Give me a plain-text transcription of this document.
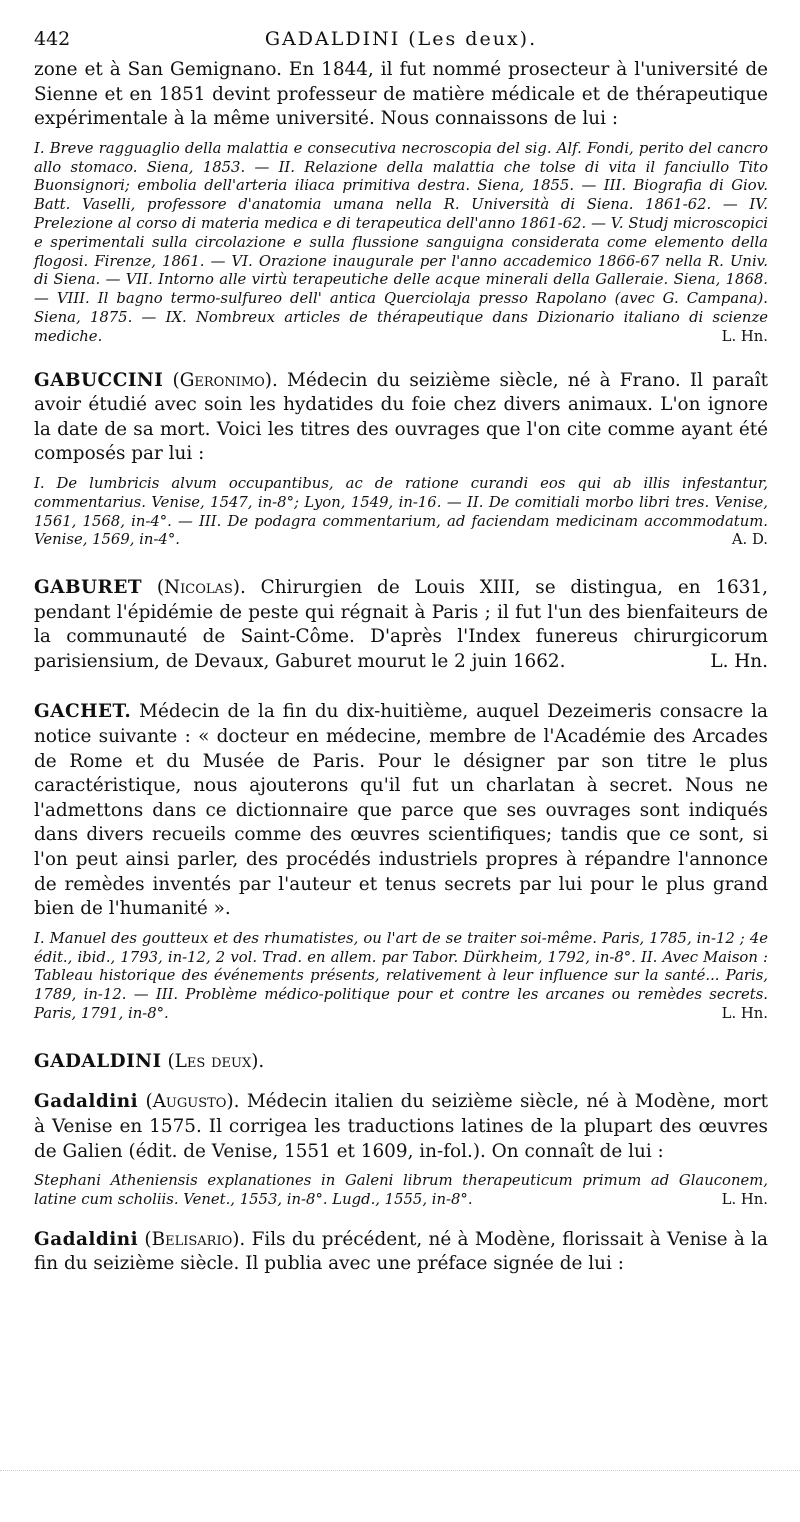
442	GADALDINI (Les deux).

zone et à San Gemignano. En 1844, il fut nommé prosecteur à l'université de Sienne et en 1851 devint professeur de matière médicale et de thérapeutique expérimentale à la même université. Nous connaissons de lui :

I. Breve ragguaglio della malattia e consecutiva necroscopia del sig. Alf. Fondi, perito del cancro allo stomaco. Siena, 1853. — II. Relazione della malattia che tolse di vita il fanciullo Tito Buonsignori; embolia dell'arteria iliaca primitiva destra. Siena, 1855. — III. Biografia di Giov. Batt. Vaselli, professore d'anatomia umana nella R. Università di Siena. 1861-62. — IV. Prelezione al corso di materia medica e di terapeutica dell'anno 1861-62. — V. Studj microscopici e sperimentali sulla circolazione e sulla flussione sanguigna considerata come elemento della flogosi. Firenze, 1861. — VI. Orazione inaugurale per l'anno accademico 1866-67 nella R. Univ. di Siena. — VII. Intorno alle virtù terapeutiche delle acque minerali della Galleraie. Siena, 1868. — VIII. Il bagno termo-sulfureo dell' antica Querciolaja presso Rapolano (avec G. Campana). Siena, 1875. — IX. Nombreux articles de thérapeutique dans Dizionario italiano di scienze mediche.	L. Hn.

GABUCCINI (Geronimo). Médecin du seizième siècle, né à Frano. Il paraît avoir étudié avec soin les hydatides du foie chez divers animaux. L'on ignore la date de sa mort. Voici les titres des ouvrages que l'on cite comme ayant été composés par lui :

I. De lumbricis alvum occupantibus, ac de ratione curandi eos qui ab illis infestantur, commentarius. Venise, 1547, in-8°; Lyon, 1549, in-16. — II. De comitiali morbo libri tres. Venise, 1561, 1568, in-4°. — III. De podagra commentarium, ad faciendam medicinam accommodatum. Venise, 1569, in-4°.	A. D.

GABURET (Nicolas). Chirurgien de Louis XIII, se distingua, en 1631, pendant l'épidémie de peste qui régnait à Paris ; il fut l'un des bienfaiteurs de la communauté de Saint-Côme. D'après l'Index funereus chirurgicorum parisiensium, de Devaux, Gaburet mourut le 2 juin 1662.	L. Hn.

GACHET. Médecin de la fin du dix-huitième, auquel Dezeimeris consacre la notice suivante : « docteur en médecine, membre de l'Académie des Arcades de Rome et du Musée de Paris. Pour le désigner par son titre le plus caractéristique, nous ajouterons qu'il fut un charlatan à secret. Nous ne l'admettons dans ce dictionnaire que parce que ses ouvrages sont indiqués dans divers recueils comme des œuvres scientifiques; tandis que ce sont, si l'on peut ainsi parler, des procédés industriels propres à répandre l'annonce de remèdes inventés par l'auteur et tenus secrets par lui pour le plus grand bien de l'humanité ».

I. Manuel des goutteux et des rhumatistes, ou l'art de se traiter soi-même. Paris, 1785, in-12 ; 4e édit., ibid., 1793, in-12, 2 vol. Trad. en allem. par Tabor. Dürkheim, 1792, in-8°. II. Avec Maison : Tableau historique des événements présents, relativement à leur influence sur la santé... Paris, 1789, in-12. — III. Problème médico-politique pour et contre les arcanes ou remèdes secrets. Paris, 1791, in-8°.	L. Hn.

GADALDINI (Les deux).

Gadaldini (Augusto). Médecin italien du seizième siècle, né à Modène, mort à Venise en 1575. Il corrigea les traductions latines de la plupart des œuvres de Galien (édit. de Venise, 1551 et 1609, in-fol.). On connaît de lui :

Stephani Atheniensis explanationes in Galeni librum therapeuticum primum ad Glauconem, latine cum scholiis. Venet., 1553, in-8°. Lugd., 1555, in-8°.	L. Hn.

Gadaldini (Belisario). Fils du précédent, né à Modène, florissait à Venise à la fin du seizième siècle. Il publia avec une préface signée de lui :
